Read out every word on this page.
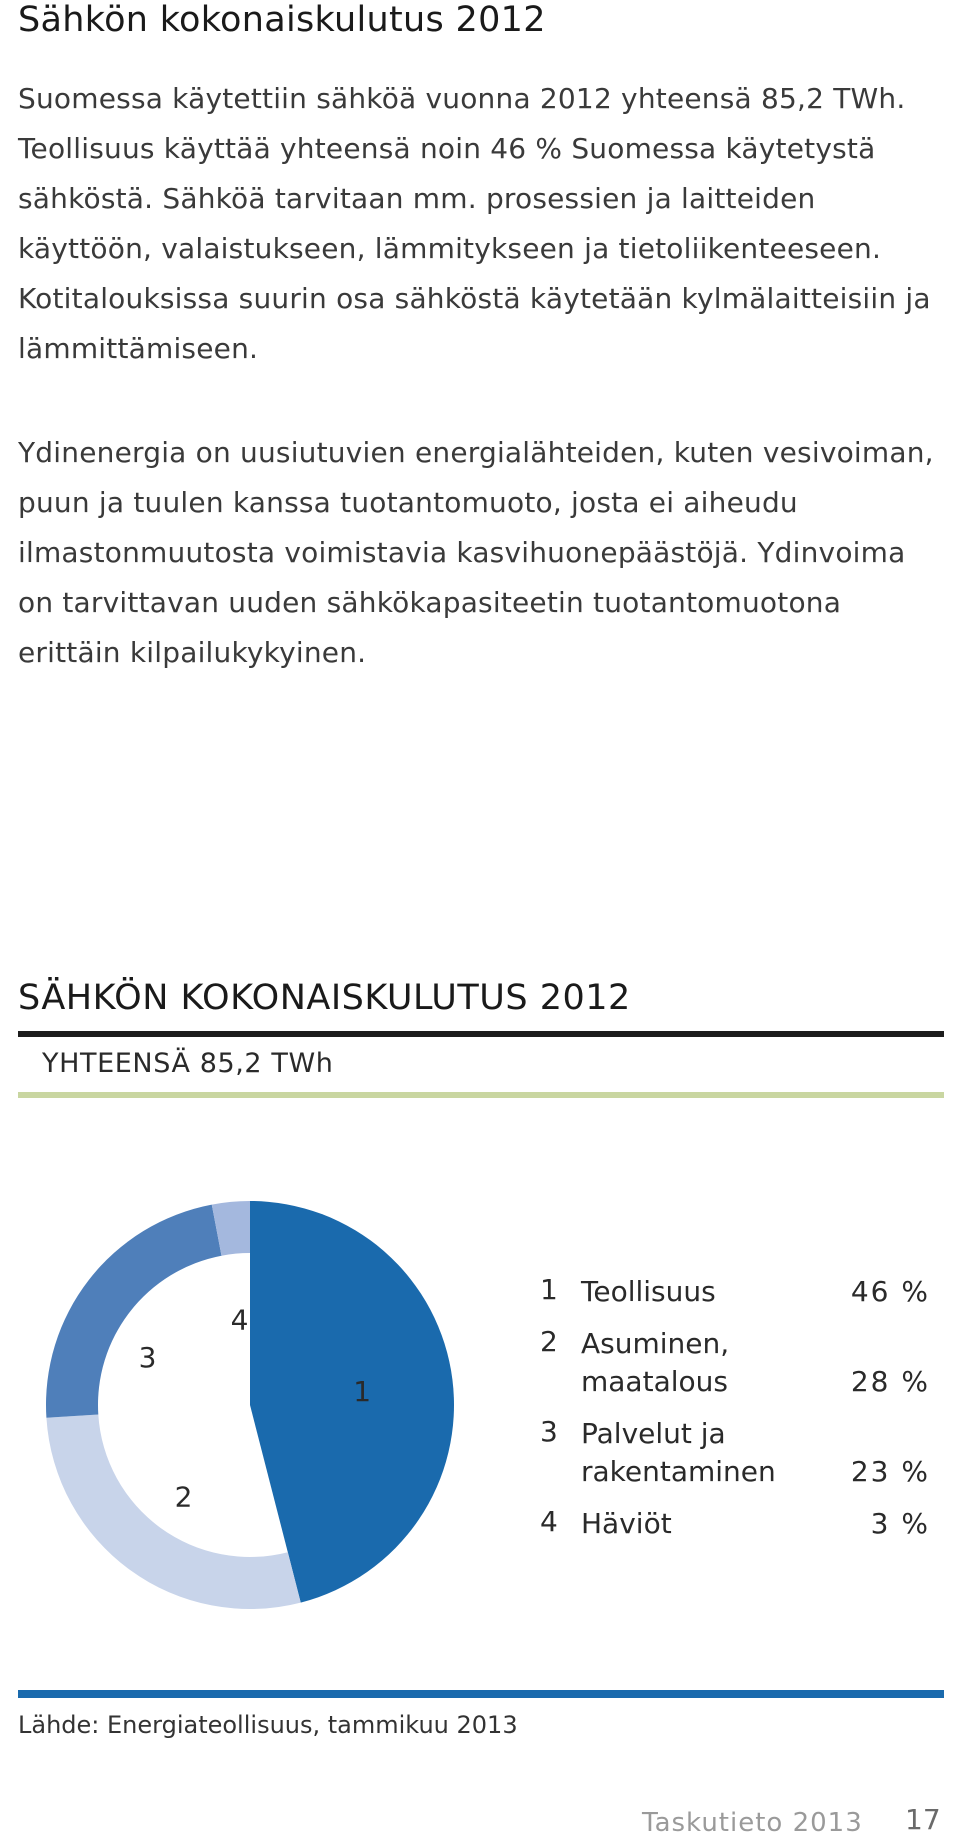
Sähkön kokonaiskulutus 2012

Suomessa käytettiin sähköä vuonna 2012 yhteensä 85,2 TWh. Teollisuus käyttää yhteensä noin 46 % Suomessa käytetystä sähköstä. Sähköä tarvitaan mm. prosessien ja laitteiden käyttöön, valaistukseen, lämmitykseen ja tietoliikenteeseen. Kotitalouksissa suurin osa sähköstä käytetään kylmälaitteisiin ja lämmittämiseen.

Ydinenergia on uusiutuvien energialähteiden, kuten vesivoiman, puun ja tuulen kanssa tuotantomuoto, josta ei aiheudu ilmastonmuutosta voimistavia kasvihuonepäästöjä. Ydinvoima on tarvittavan uuden sähkökapasiteetin tuotantomuotona erittäin kilpailukykyinen.

SÄHKÖN KOKONAISKULUTUS 2012
YHTEENSÄ 85,2 TWh
1
2
3
4
1 Teollisuus	46 %
2 Asuminen,
maatalous	28 %
3 Palvelut ja
rakentaminen	23 %
4 Häviöt	3 %
Lähde: Energiateollisuus, tammikuu 2013
Taskutieto 2013 17
